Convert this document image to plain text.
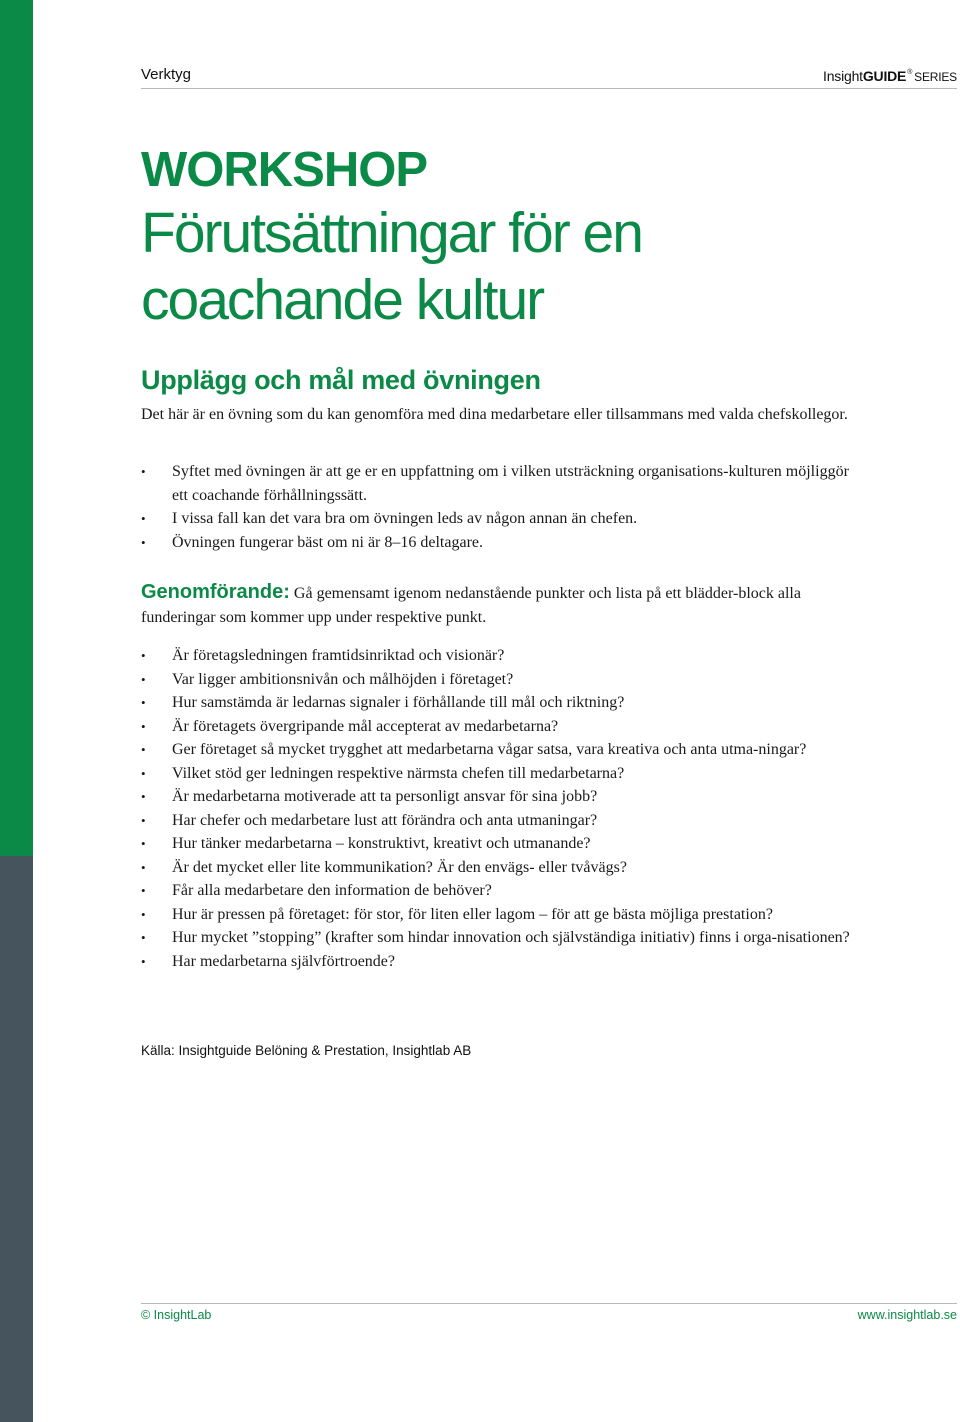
Verktyg	InsightGUIDE® SERIES
WORKSHOP
Förutsättningar för en coachande kultur
Upplägg och mål med övningen
Det här är en övning som du kan genomföra med dina medarbetare eller tillsammans med valda chefskollegor.
• Syftet med övningen är att ge er en uppfattning om i vilken utsträckning organisations-kulturen möjliggör ett coachande förhållningssätt.
• I vissa fall kan det vara bra om övningen leds av någon annan än chefen.
• Övningen fungerar bäst om ni är 8–16 deltagare.
Genomförande: Gå gemensamt igenom nedanstående punkter och lista på ett blädder-block alla funderingar som kommer upp under respektive punkt.
• Är företagsledningen framtidsinriktad och visionär?
• Var ligger ambitionsnivån och målhöjden i företaget?
• Hur samstämda är ledarnas signaler i förhållande till mål och riktning?
• Är företagets övergripande mål accepterat av medarbetarna?
• Ger företaget så mycket trygghet att medarbetarna vågar satsa, vara kreativa och anta utma-ningar?
• Vilket stöd ger ledningen respektive närmsta chefen till medarbetarna?
• Är medarbetarna motiverade att ta personligt ansvar för sina jobb?
• Har chefer och medarbetare lust att förändra och anta utmaningar?
• Hur tänker medarbetarna – konstruktivt, kreativt och utmanande?
• Är det mycket eller lite kommunikation? Är den envägs- eller tvåvägs?
• Får alla medarbetare den information de behöver?
• Hur är pressen på företaget: för stor, för liten eller lagom – för att ge bästa möjliga prestation?
• Hur mycket ”stopping” (krafter som hindar innovation och självständiga initiativ) finns i orga-nisationen?
• Har medarbetarna självförtroende?
Källa: Insightguide Belöning & Prestation, Insightlab AB
© InsightLab	www.insightlab.se
